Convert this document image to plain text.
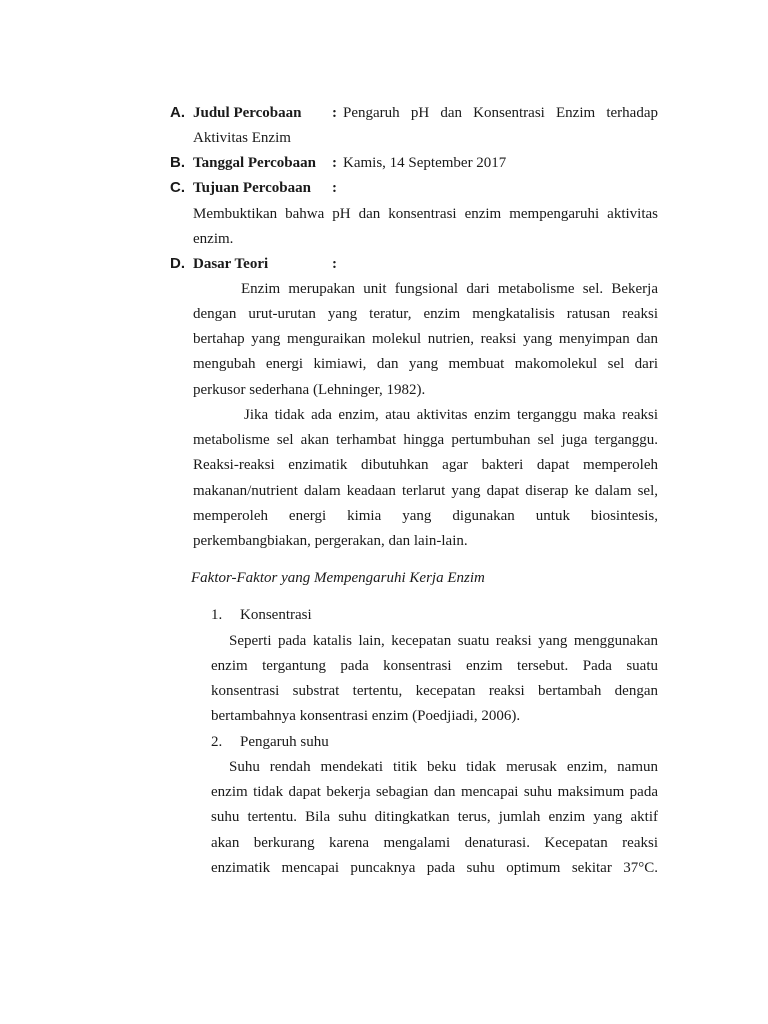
A. Judul Percobaan : Pengaruh pH dan Konsentrasi Enzim terhadap
Aktivitas Enzim
B. Tanggal Percobaan : Kamis, 14 September 2017
C. Tujuan Percobaan :
Membuktikan bahwa pH dan konsentrasi enzim mempengaruhi aktivitas
enzim.
D. Dasar Teori	:
Enzim merupakan unit fungsional dari metabolisme sel. Bekerja
dengan urut-urutan yang teratur, enzim mengkatalisis ratusan reaksi
bertahap yang menguraikan molekul nutrien, reaksi yang menyimpan dan
mengubah energi kimiawi, dan yang membuat makomolekul sel dari
perkusor sederhana (Lehninger, 1982).
Jika tidak ada enzim, atau aktivitas enzim terganggu maka reaksi
metabolisme sel akan terhambat hingga pertumbuhan sel juga terganggu.
Reaksi-reaksi enzimatik dibutuhkan agar bakteri dapat memperoleh
makanan/nutrient dalam keadaan terlarut yang dapat diserap ke dalam sel,
memperoleh energi kimia yang digunakan untuk biosintesis,
perkembangbiakan, pergerakan, dan lain-lain.
Faktor-Faktor yang Mempengaruhi Kerja Enzim
1. Konsentrasi
Seperti pada katalis lain, kecepatan suatu reaksi yang menggunakan
enzim tergantung pada konsentrasi enzim tersebut. Pada suatu
konsentrasi substrat tertentu, kecepatan reaksi bertambah dengan
bertambahnya konsentrasi enzim (Poedjiadi, 2006).
2. Pengaruh suhu
Suhu rendah mendekati titik beku tidak merusak enzim, namun
enzim tidak dapat bekerja sebagian dan mencapai suhu maksimum pada
suhu tertentu. Bila suhu ditingkatkan terus, jumlah enzim yang aktif
akan berkurang karena mengalami denaturasi. Kecepatan reaksi
enzimatik mencapai puncaknya pada suhu optimum sekitar 37°C.
